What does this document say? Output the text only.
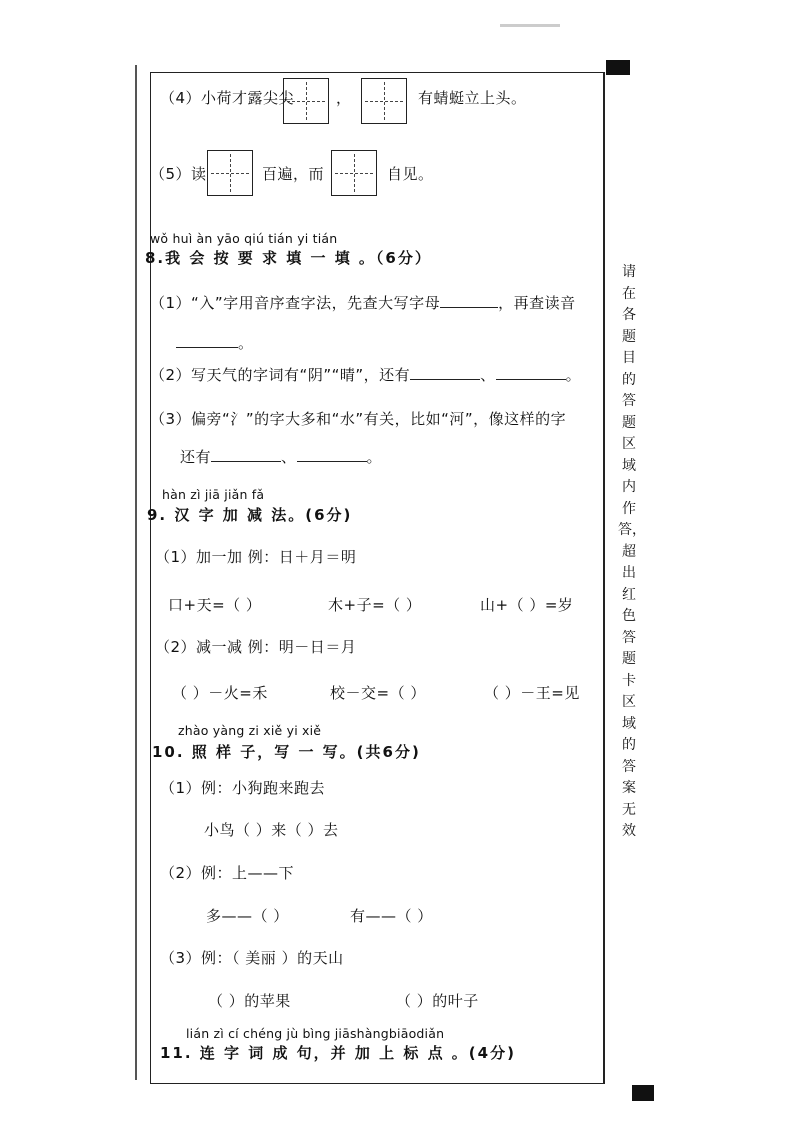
（4）小荷才露尖尖	，	有蜻蜓立上头。
（5）读	百遍，而	自见。
wǒ huì àn yāo qiú tián yi tián
8.我 会 按 要 求 填 一 填 。（6分）
（1）“入”字用音序查字法，先查大写字母	，再查读音
。
（2）写天气的字词有“阴”“晴”，还有	、	。
（3）偏旁“氵”的字大多和“水”有关，比如“河”，像这样的字
还有	、	。
hàn zì jiā jiǎn fǎ
9. 汉 字 加 减 法。(6分)
（1）加一加 例：日＋月＝明
口+天=（ ）	木+子=（ ）	山+（ ）=岁
（2）减一减 例：明－日＝月
（ ）－火=禾	校－交=（ ）	（ ）－王=见
zhào yàng zi xiě yi xiě
10. 照 样 子，写 一 写。(共6分)
（1）例：小狗跑来跑去
小鸟（ ）来（ ）去
（2）例：上——下
多——（ ）	有——（ ）
（3）例：（ 美丽 ）的天山
（ ）的苹果	（ ）的叶子
lián zì cí chéng jù bìng jiāshàngbiāodiǎn
11. 连 字 词 成 句，并 加 上 标 点 。(4分)
请在各题目的答题区域内作答，超出红色答题卡区域的答案无效
